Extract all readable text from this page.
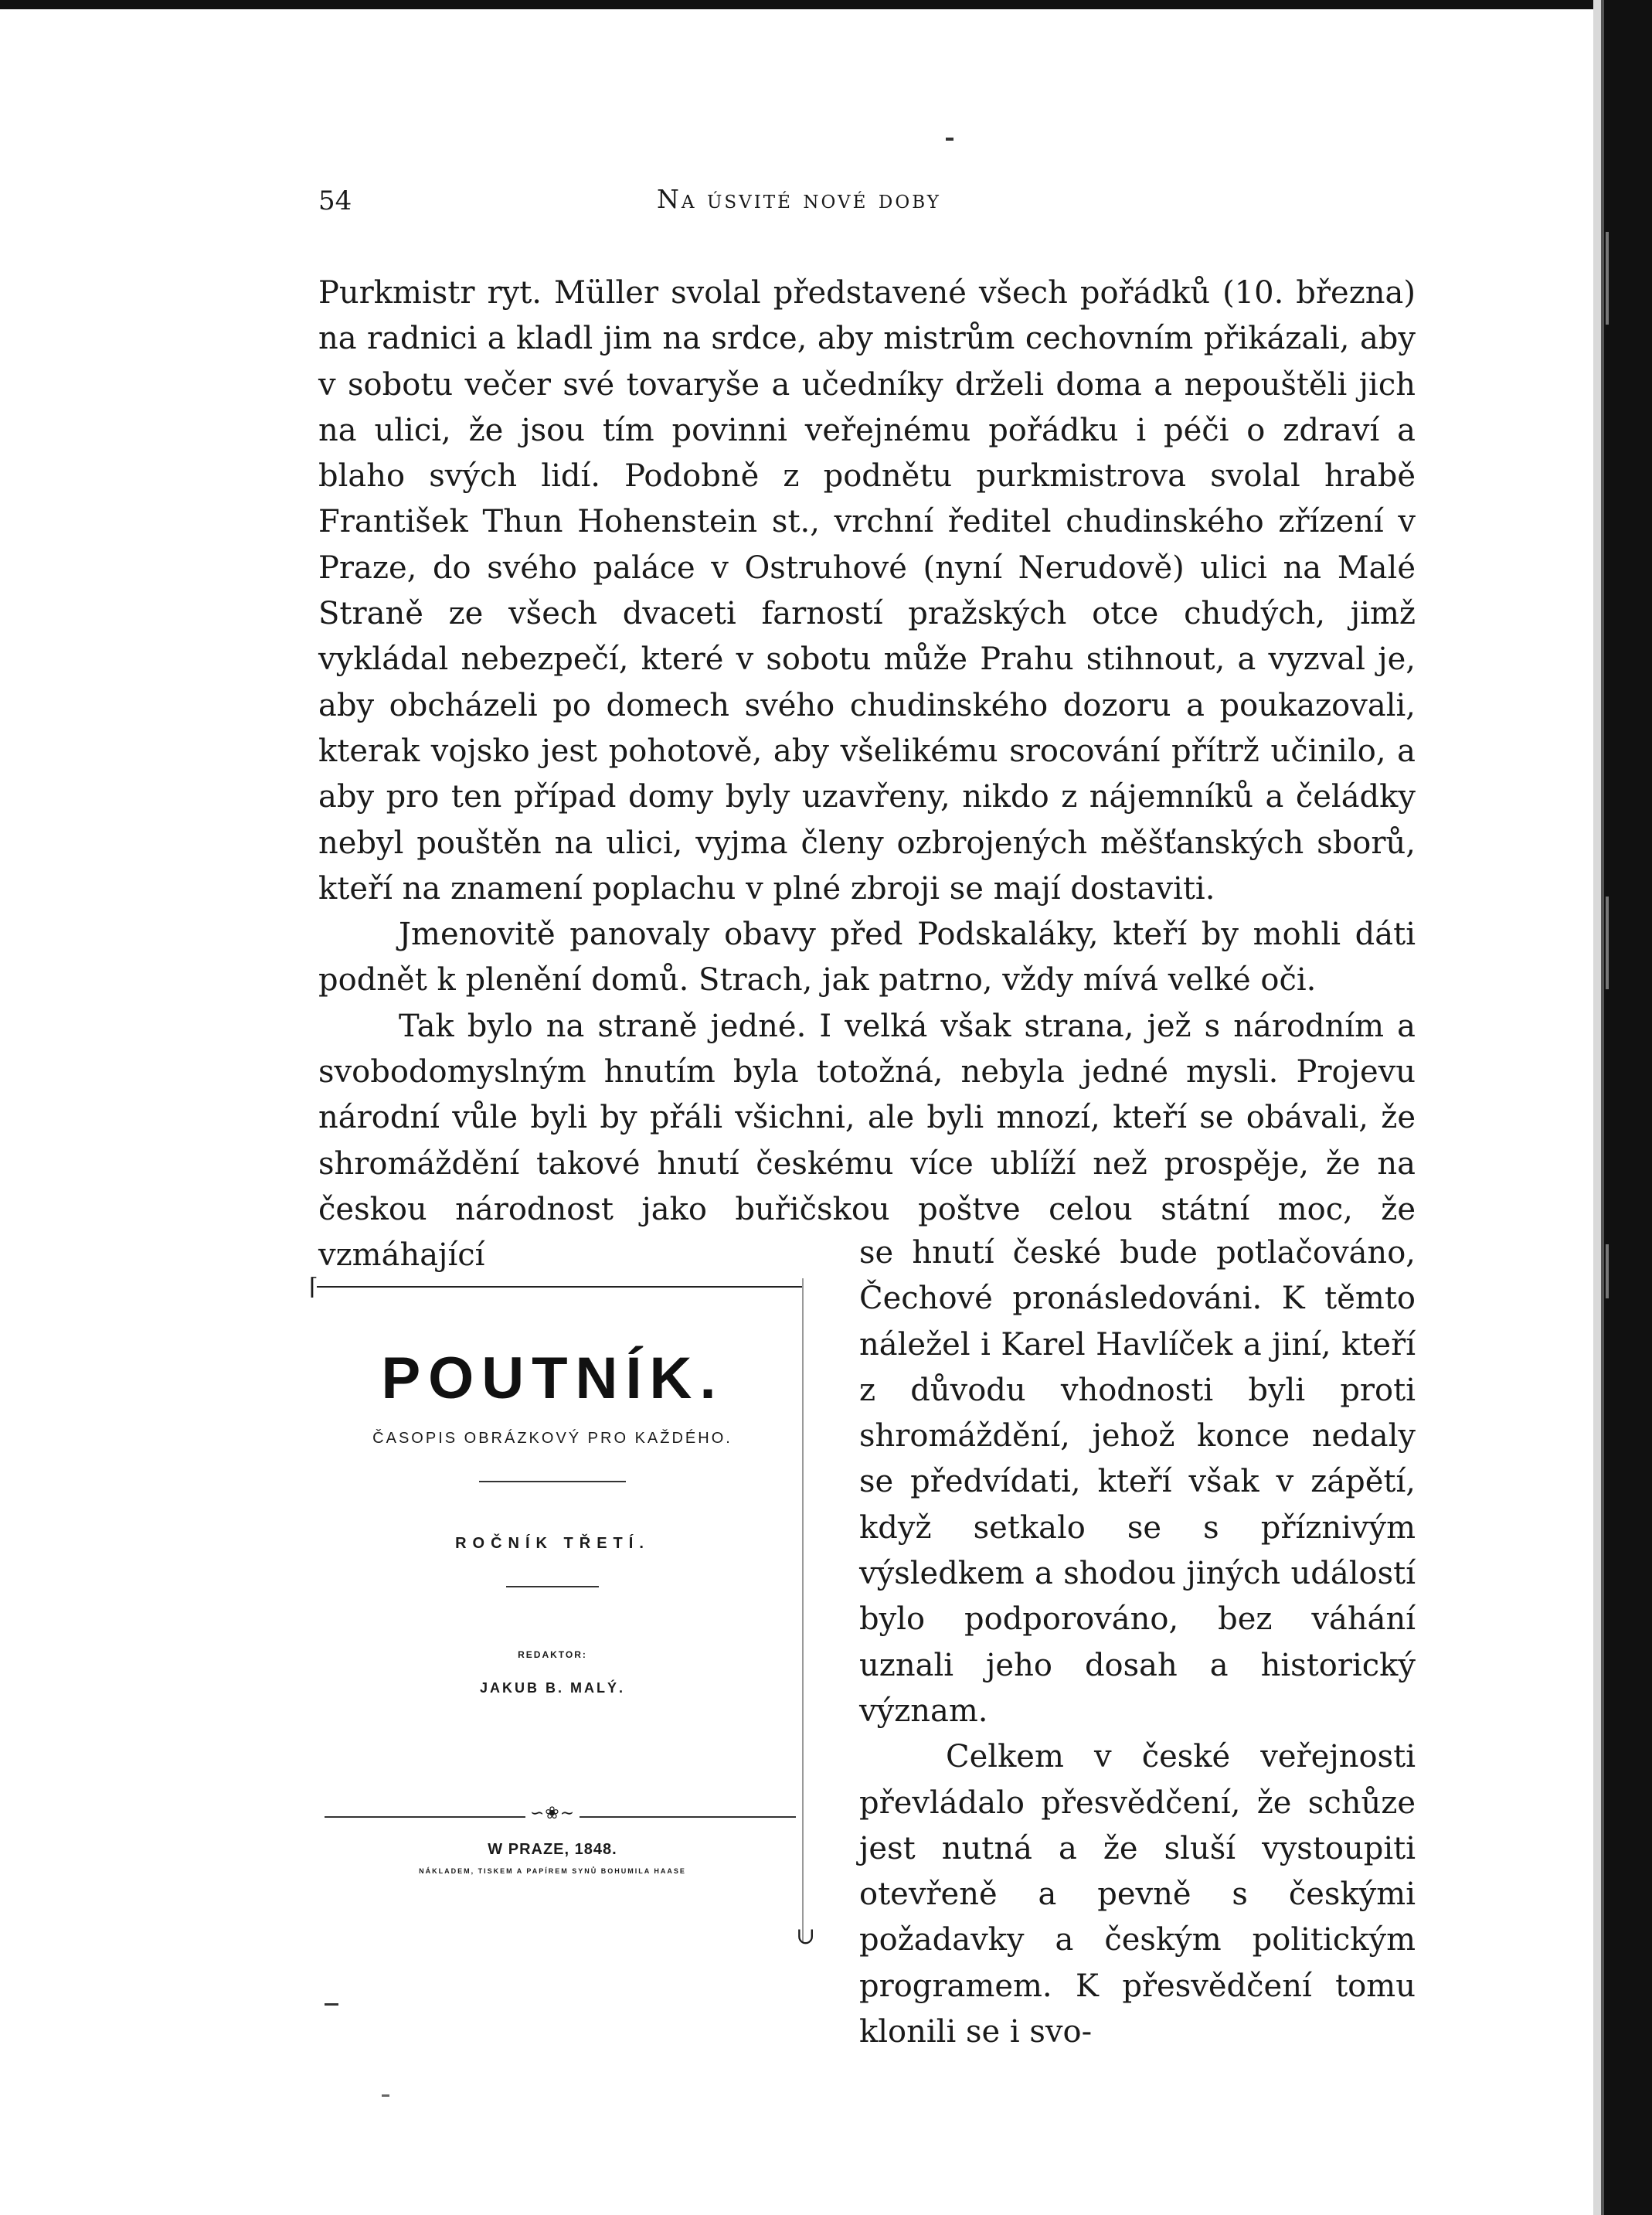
54	Na úsvité nové doby

Purkmistr ryt. Müller svolal představené všech pořádků (10. března) na radnici a kladl jim na srdce, aby mistrům cechovním přikázali, aby v sobotu večer své tovaryše a učedníky drželi doma a nepouštěli jich na ulici, že jsou tím povinni veřejnému pořádku i péči o zdraví a blaho svých lidí. Podobně z podnětu purkmistrova svolal hrabě František Thun Hohenstein st., vrchní ředitel chudinského zřízení v Praze, do svého paláce v Ostruhové (nyní Nerudově) ulici na Malé Straně ze všech dvaceti farností pražských otce chudých, jimž vykládal nebezpečí, které v sobotu může Prahu stihnout, a vyzval je, aby obcházeli po domech svého chudinského dozoru a poukazovali, kterak vojsko jest pohotově, aby všelikému srocování přítrž učinilo, a aby pro ten případ domy byly uzavřeny, nikdo z nájemníků a čeládky nebyl pouštěn na ulici, vyjma členy ozbrojených měšťanských sborů, kteří na znamení poplachu v plné zbroji se mají dostaviti.

Jmenovitě panovaly obavy před Podskaláky, kteří by mohli dáti podnět k plenění domů. Strach, jak patrno, vždy mívá velké oči.

Tak bylo na straně jedné. I velká však strana, jež s národním a svobodomyslným hnutím byla totožná, nebyla jedné mysli. Projevu národní vůle byli by přáli všichni, ale byli mnozí, kteří se obávali, že shromáždění takové hnutí českému více ublíží než prospěje, že na českou národnost jako buřičskou poštve celou státní moc, že vzmáhající	se hnutí české bude potlačováno, Čechové pronásledováni. K těmto náležel i Karel Havlíček a jiní, kteří z důvodu vhodnosti byli proti shromáždění, jehož konce nedaly se předvídati, kteří však v zápětí, když setkalo se s příznivým výsledkem a shodou jiných událostí bylo podporováno, bez váhání uznali jeho dosah a historický význam.

Celkem v české veřejnosti převládalo přesvědčení, že schůze jest nutná a že sluší vystoupiti otevřeně a pevně s českými požadavky a českým politickým programem. K přesvědčení tomu klonili se i svo-

⌈
POUTNÍK.
ČASOPIS OBRÁZKOVÝ PRO KAŽDÉHO.
ROČNÍK TŘETÍ.
REDAKTOR:
JAKUB B. MALÝ.
∽❀∼
W PRAZE, 1848.
NÁKLADEM, TISKEM A PAPÍREM SYNŮ BOHUMILA HAASE
∪
